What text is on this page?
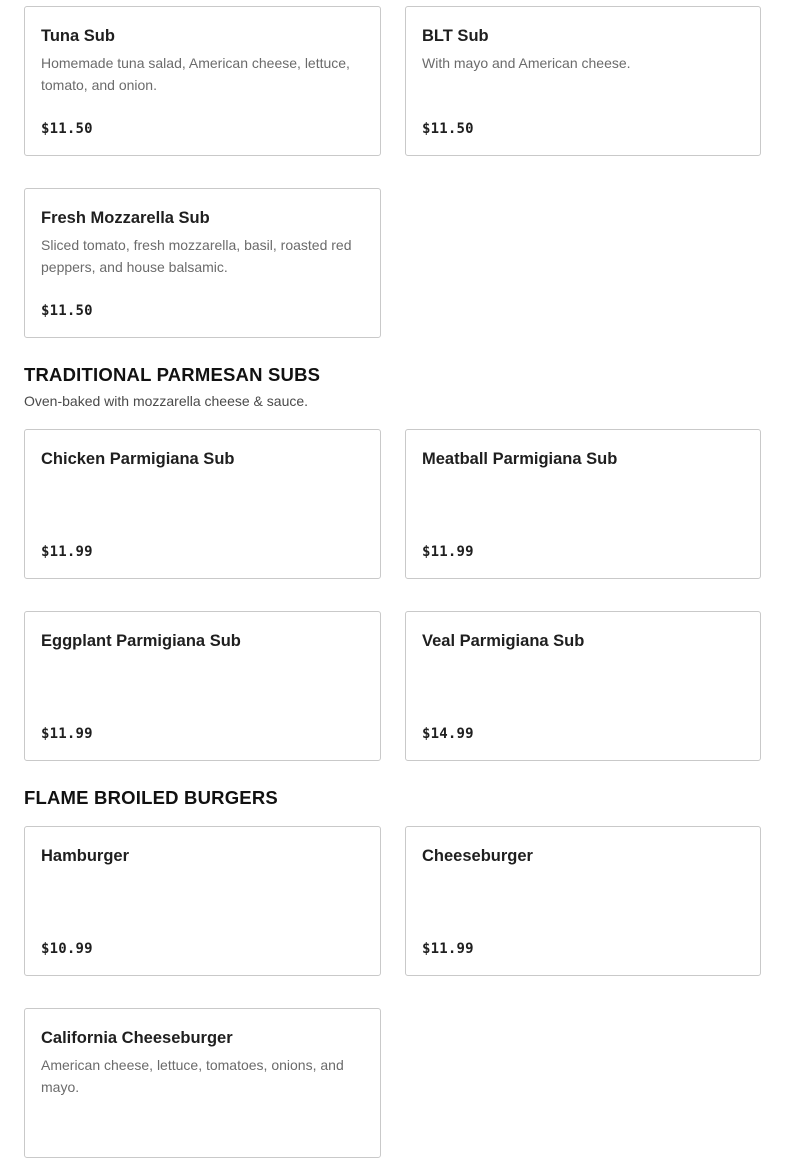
Tuna Sub
Homemade tuna salad, American cheese, lettuce, tomato, and onion.
$11.50
BLT Sub
With mayo and American cheese.
$11.50
Fresh Mozzarella Sub
Sliced tomato, fresh mozzarella, basil, roasted red peppers, and house balsamic.
$11.50
TRADITIONAL PARMESAN SUBS
Oven-baked with mozzarella cheese & sauce.
Chicken Parmigiana Sub
$11.99
Meatball Parmigiana Sub
$11.99
Eggplant Parmigiana Sub
$11.99
Veal Parmigiana Sub
$14.99
FLAME BROILED BURGERS
Hamburger
$10.99
Cheeseburger
$11.99
California Cheeseburger
American cheese, lettuce, tomatoes, onions, and mayo.
